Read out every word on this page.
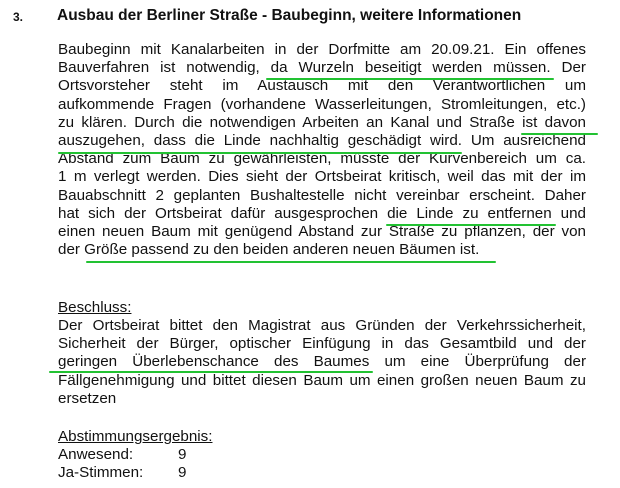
3. Ausbau der Berliner Straße - Baubeginn, weitere Informationen
Baubeginn mit Kanalarbeiten in der Dorfmitte am 20.09.21. Ein offenes
Bauverfahren ist notwendig, da Wurzeln beseitigt werden müssen. Der
Ortsvorsteher steht im Austausch mit den Verantwortlichen um
aufkommende Fragen (vorhandene Wasserleitungen, Stromleitungen, etc.)
zu klären. Durch die notwendigen Arbeiten an Kanal und Straße ist davon
auszugehen, dass die Linde nachhaltig geschädigt wird. Um ausreichend
Abstand zum Baum zu gewährleisten, müsste der Kurvenbereich um ca.
1 m verlegt werden. Dies sieht der Ortsbeirat kritisch, weil das mit der im
Bauabschnitt 2 geplanten Bushaltestelle nicht vereinbar erscheint. Daher
hat sich der Ortsbeirat dafür ausgesprochen die Linde zu entfernen und
einen neuen Baum mit genügend Abstand zur Straße zu pflanzen, der von
der Größe passend zu den beiden anderen neuen Bäumen ist.
Beschluss:
Der Ortsbeirat bittet den Magistrat aus Gründen der Verkehrssicherheit,
Sicherheit der Bürger, optischer Einfügung in das Gesamtbild und der
geringen Überlebenschance des Baumes um eine Überprüfung der
Fällgenehmigung und bittet diesen Baum um einen großen neuen Baum zu
ersetzen
Abstimmungsergebnis:
Anwesend:	9
Ja-Stimmen: 9
